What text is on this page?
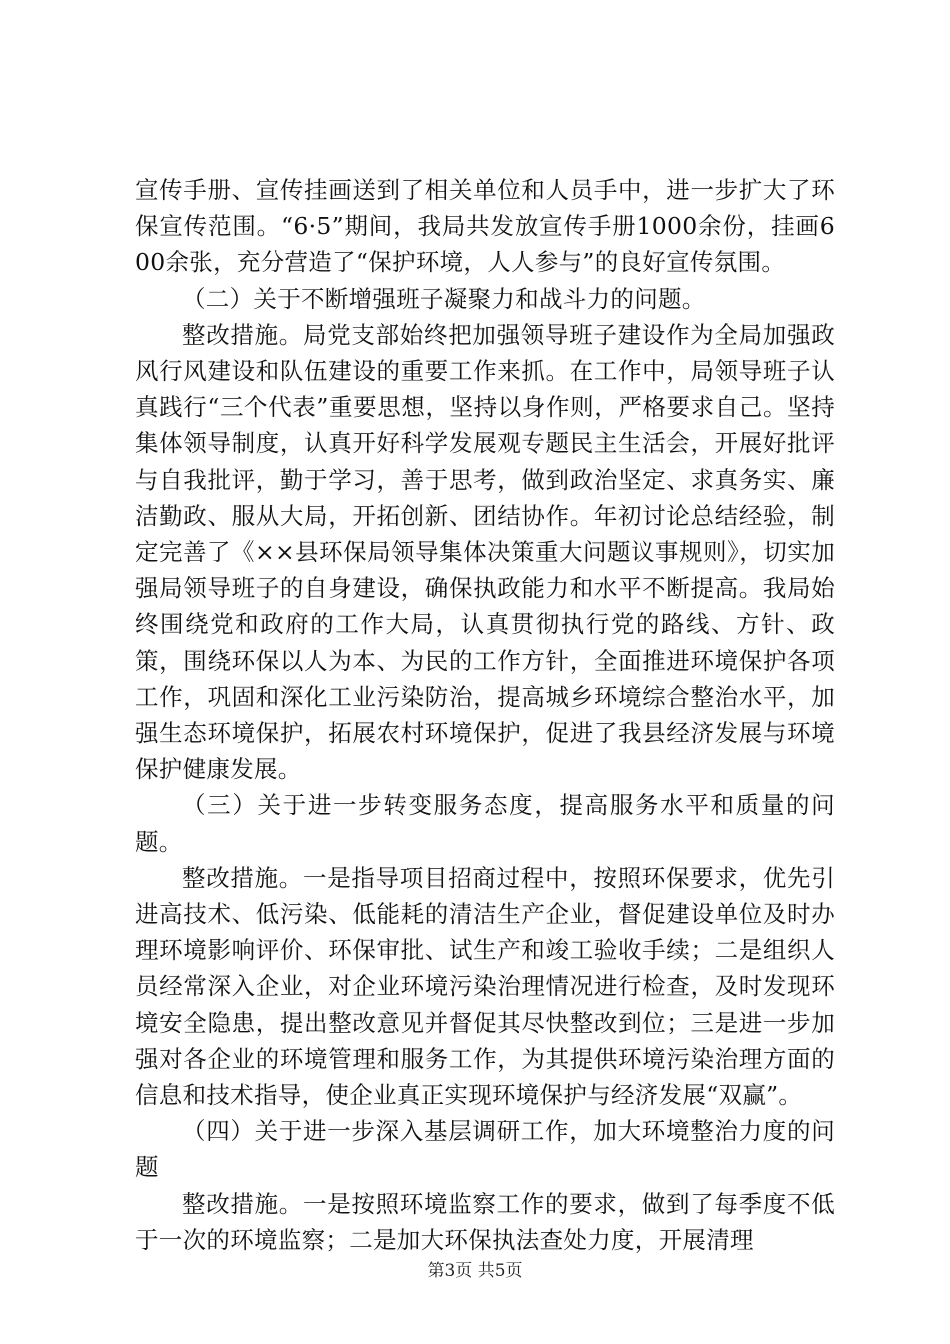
宣传手册、宣传挂画送到了相关单位和人员手中，进一步扩大了环保宣传范围。“6·5”期间，我局共发放宣传手册1000余份，挂画600余张，充分营造了“保护环境，人人参与”的良好宣传氛围。

（二）关于不断增强班子凝聚力和战斗力的问题。

整改措施。局党支部始终把加强领导班子建设作为全局加强政风行风建设和队伍建设的重要工作来抓。在工作中，局领导班子认真践行“三个代表”重要思想，坚持以身作则，严格要求自己。坚持集体领导制度，认真开好科学发展观专题民主生活会，开展好批评与自我批评，勤于学习，善于思考，做到政治坚定、求真务实、廉洁勤政、服从大局，开拓创新、团结协作。年初讨论总结经验，制定完善了《××县环保局领导集体决策重大问题议事规则》，切实加强局领导班子的自身建设，确保执政能力和水平不断提高。我局始终围绕党和政府的工作大局，认真贯彻执行党的路线、方针、政策，围绕环保以人为本、为民的工作方针，全面推进环境保护各项工作，巩固和深化工业污染防治，提高城乡环境综合整治水平，加强生态环境保护，拓展农村环境保护，促进了我县经济发展与环境保护健康发展。

（三）关于进一步转变服务态度，提高服务水平和质量的问题。

整改措施。一是指导项目招商过程中，按照环保要求，优先引进高技术、低污染、低能耗的清洁生产企业，督促建设单位及时办理环境影响评价、环保审批、试生产和竣工验收手续；二是组织人员经常深入企业，对企业环境污染治理情况进行检查，及时发现环境安全隐患，提出整改意见并督促其尽快整改到位；三是进一步加强对各企业的环境管理和服务工作，为其提供环境污染治理方面的信息和技术指导，使企业真正实现环境保护与经济发展“双赢”。

（四）关于进一步深入基层调研工作，加大环境整治力度的问题

整改措施。一是按照环境监察工作的要求，做到了每季度不低于一次的环境监察；二是加大环保执法查处力度，开展清理

第3页 共5页
